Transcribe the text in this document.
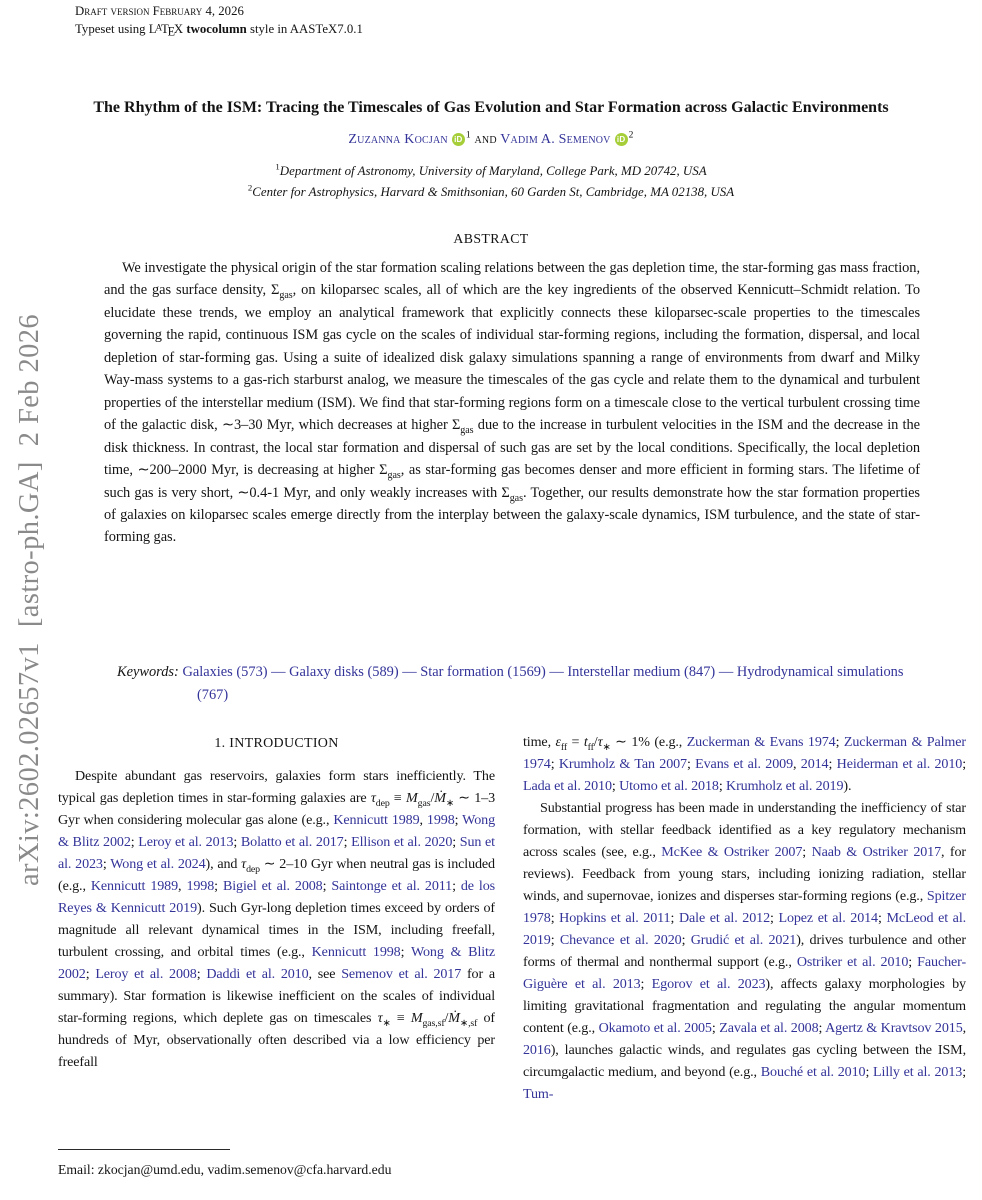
arXiv:2602.02657v1  [astro-ph.GA]  2 Feb 2026
Draft version February 4, 2026
Typeset using LATEX twocolumn style in AASTeX7.0.1
The Rhythm of the ISM: Tracing the Timescales of Gas Evolution and Star Formation across Galactic Environments
Zuzanna Kocjan iD $^1$ and Vadim A. Semenov iD $^2$
$^1$Department of Astronomy, University of Maryland, College Park, MD 20742, USA
$^2$Center for Astrophysics, Harvard & Smithsonian, 60 Garden St, Cambridge, MA 02138, USA
ABSTRACT
We investigate the physical origin of the star formation scaling relations between the gas depletion time, the star-forming gas mass fraction, and the gas surface density, $\Sigma_{gas}$, on kiloparsec scales, all of which are the key ingredients of the observed Kennicutt–Schmidt relation. To elucidate these trends, we employ an analytical framework that explicitly connects these kiloparsec-scale properties to the timescales governing the rapid, continuous ISM gas cycle on the scales of individual star-forming regions, including the formation, dispersal, and local depletion of star-forming gas. Using a suite of idealized disk galaxy simulations spanning a range of environments from dwarf and Milky Way-mass systems to a gas-rich starburst analog, we measure the timescales of the gas cycle and relate them to the dynamical and turbulent properties of the interstellar medium (ISM). We find that star-forming regions form on a timescale close to the vertical turbulent crossing time of the galactic disk, ∼3–30 Myr, which decreases at higher $\Sigma_{gas}$ due to the increase in turbulent velocities in the ISM and the decrease in the disk thickness. In contrast, the local star formation and dispersal of such gas are set by the local conditions. Specifically, the local depletion time, ∼200–2000 Myr, is decreasing at higher $\Sigma_{gas}$, as star-forming gas becomes denser and more efficient in forming stars. The lifetime of such gas is very short, ∼0.4-1 Myr, and only weakly increases with $\Sigma_{gas}$. Together, our results demonstrate how the star formation properties of galaxies on kiloparsec scales emerge directly from the interplay between the galaxy-scale dynamics, ISM turbulence, and the state of star-forming gas.
Keywords: Galaxies (573) — Galaxy disks (589) — Star formation (1569) — Interstellar medium (847) — Hydrodynamical simulations (767)
1. INTRODUCTION

Despite abundant gas reservoirs, galaxies form stars inefficiently. The typical gas depletion times in star-forming galaxies are $\tau_{dep}$ ≡ $M_{gas}/Ṁ_∗$ ∼ 1–3 Gyr when considering molecular gas alone (e.g., Kennicutt 1989, 1998; Wong & Blitz 2002; Leroy et al. 2013; Bolatto et al. 2017; Ellison et al. 2020; Sun et al. 2023; Wong et al. 2024), and $\tau_{dep}$ ∼ 2–10 Gyr when neutral gas is included (e.g., Kennicutt 1989, 1998; Bigiel et al. 2008; Saintonge et al. 2011; de los Reyes & Kennicutt 2019). Such Gyr-long depletion times exceed by orders of magnitude all relevant dynamical times in the ISM, including freefall, turbulent crossing, and orbital times (e.g., Kennicutt 1998; Wong & Blitz 2002; Leroy et al. 2008; Daddi et al. 2010, see Semenov et al. 2017 for a summary). Star formation is likewise inefficient on the scales of individual star-forming regions, which deplete gas on timescales $\tau_∗$ ≡ $M_{gas,sf}/Ṁ_{∗,sf}$ of hundreds of Myr, observationally often described via a low efficiency per freefall

time, $\varepsilon_{ff} = t_{ff}/\tau_∗$ ∼ 1% (e.g., Zuckerman & Evans 1974; Zuckerman & Palmer 1974; Krumholz & Tan 2007; Evans et al. 2009, 2014; Heiderman et al. 2010; Lada et al. 2010; Utomo et al. 2018; Krumholz et al. 2019).

Substantial progress has been made in understanding the inefficiency of star formation, with stellar feedback identified as a key regulatory mechanism across scales (see, e.g., McKee & Ostriker 2007; Naab & Ostriker 2017, for reviews). Feedback from young stars, including ionizing radiation, stellar winds, and supernovae, ionizes and disperses star-forming regions (e.g., Spitzer 1978; Hopkins et al. 2011; Dale et al. 2012; Lopez et al. 2014; McLeod et al. 2019; Chevance et al. 2020; Grudić et al. 2021), drives turbulence and other forms of thermal and nonthermal support (e.g., Ostriker et al. 2010; Faucher-Giguère et al. 2013; Egorov et al. 2023), affects galaxy morphologies by limiting gravitational fragmentation and regulating the angular momentum content (e.g., Okamoto et al. 2005; Zavala et al. 2008; Agertz & Kravtsov 2015, 2016), launches galactic winds, and regulates gas cycling between the ISM, circumgalactic medium, and beyond (e.g., Bouché et al. 2010; Lilly et al. 2013; Tum-

Email: zkocjan@umd.edu, vadim.semenov@cfa.harvard.edu
